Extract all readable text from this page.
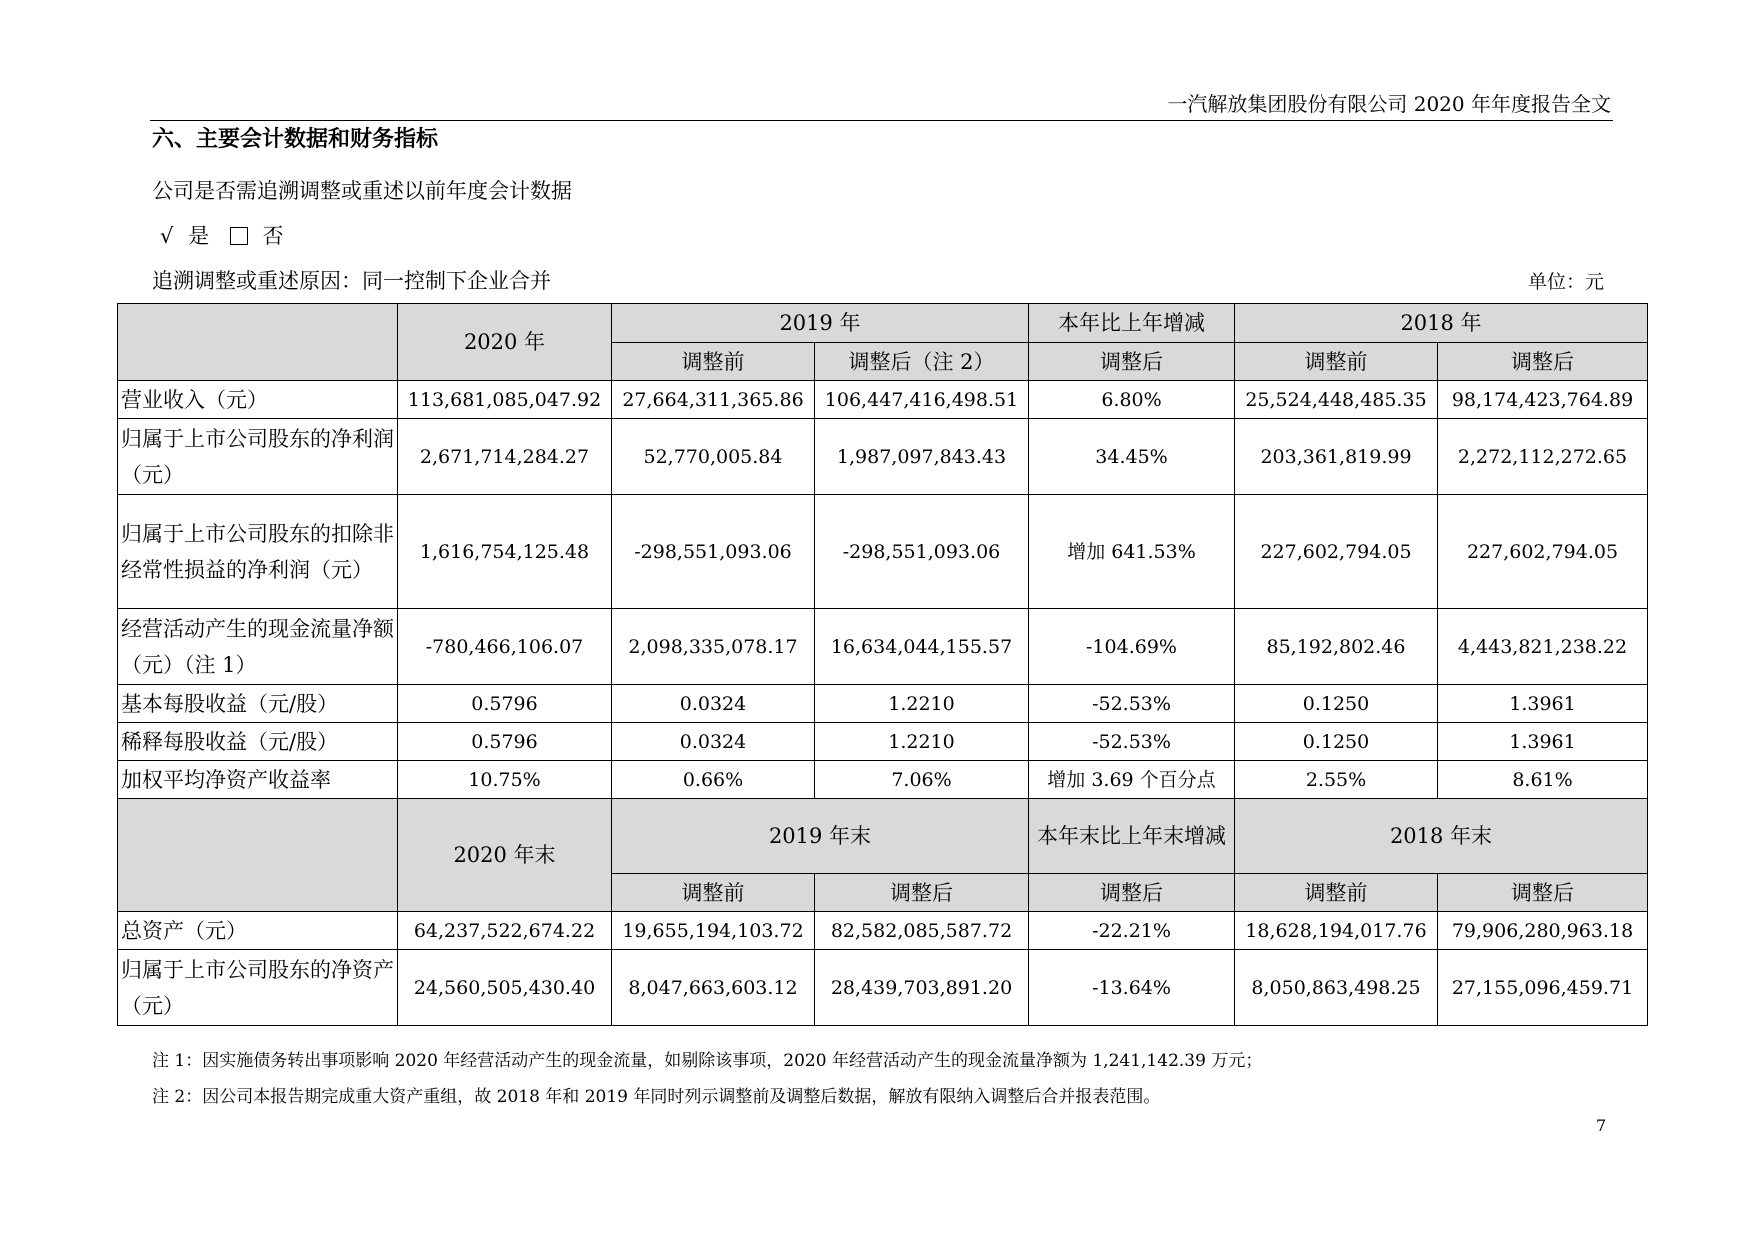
一汽解放集团股份有限公司 2020 年年度报告全文
六、主要会计数据和财务指标
公司是否需追溯调整或重述以前年度会计数据
√ 是	否
追溯调整或重述原因：同一控制下企业合并	单位：元
	2020 年	2019 年		本年比上年增减	2018 年	
		调整前	调整后（注 2）	调整后	调整前	调整后
营业收入（元）	113,681,085,047.92	27,664,311,365.86	106,447,416,498.51	6.80%	25,524,448,485.35	98,174,423,764.89
归属于上市公司股东的净利润（元）	2,671,714,284.27	52,770,005.84	1,987,097,843.43	34.45%	203,361,819.99	2,272,112,272.65
归属于上市公司股东的扣除非经常性损益的净利润（元）	1,616,754,125.48	-298,551,093.06	-298,551,093.06	增加 641.53%	227,602,794.05	227,602,794.05
经营活动产生的现金流量净额（元）（注 1）	-780,466,106.07	2,098,335,078.17	16,634,044,155.57	-104.69%	85,192,802.46	4,443,821,238.22
基本每股收益（元/股）	0.5796	0.0324	1.2210	-52.53%	0.1250	1.3961
稀释每股收益（元/股）	0.5796	0.0324	1.2210	-52.53%	0.1250	1.3961
加权平均净资产收益率	10.75%	0.66%	7.06%	增加 3.69 个百分点	2.55%	8.61%
	2020 年末	2019 年末		本年末比上年末增减	2018 年末	
		调整前	调整后	调整后	调整前	调整后
总资产（元）	64,237,522,674.22	19,655,194,103.72	82,582,085,587.72	-22.21%	18,628,194,017.76	79,906,280,963.18
归属于上市公司股东的净资产（元）	24,560,505,430.40	8,047,663,603.12	28,439,703,891.20	-13.64%	8,050,863,498.25	27,155,096,459.71
注 1：因实施债务转出事项影响 2020 年经营活动产生的现金流量，如剔除该事项，2020 年经营活动产生的现金流量净额为 1,241,142.39 万元；
注 2：因公司本报告期完成重大资产重组，故 2018 年和 2019 年同时列示调整前及调整后数据，解放有限纳入调整后合并报表范围。
7
